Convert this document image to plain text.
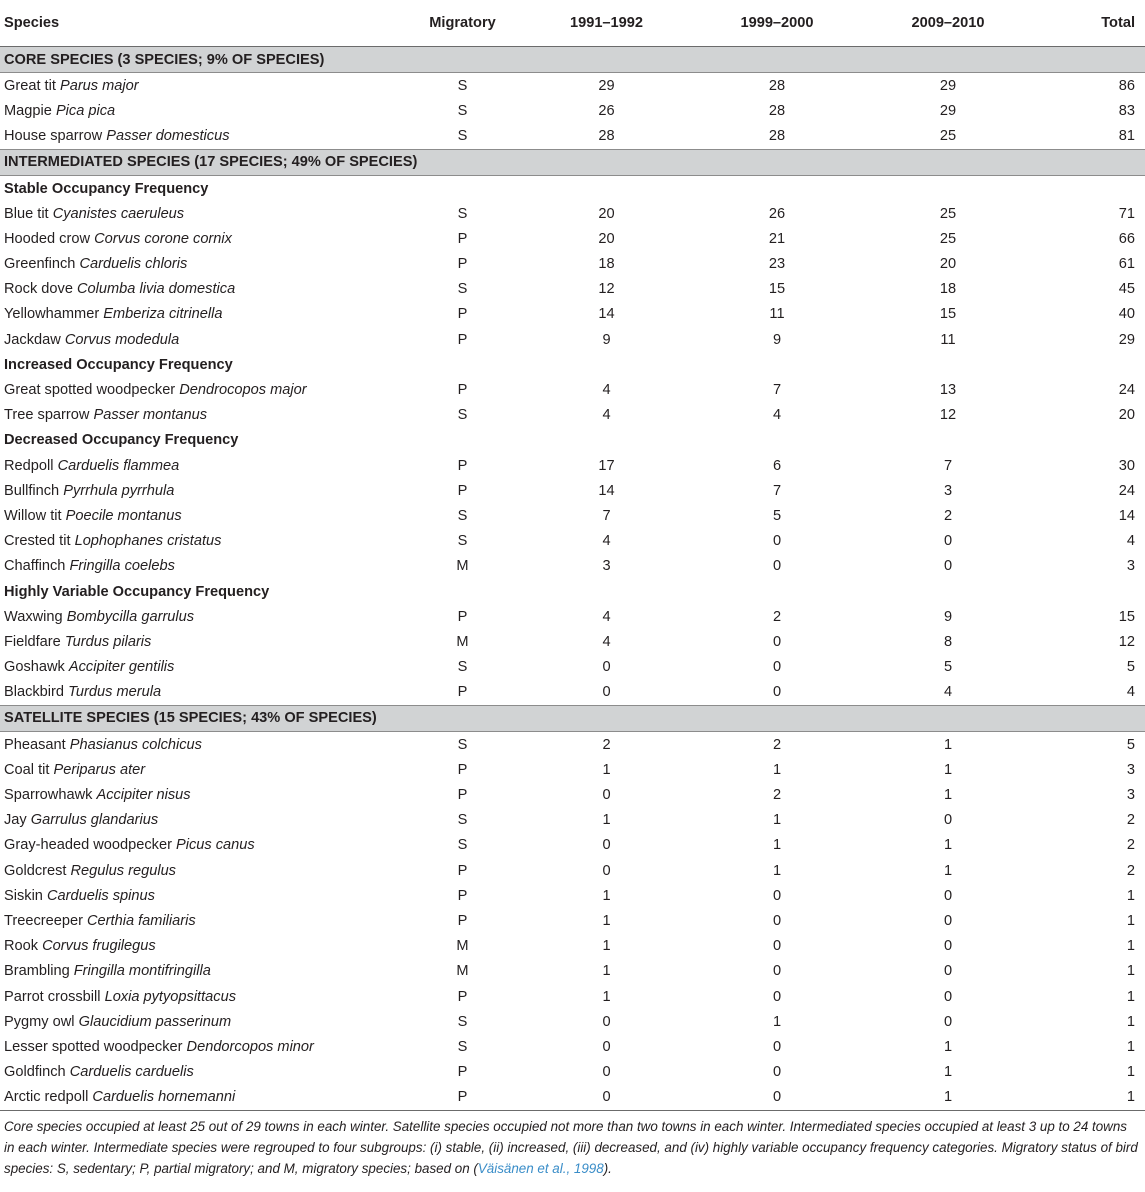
Species	Migratory	1991–1992	1999–2000	2009–2010	Total
CORE SPECIES (3 SPECIES; 9% OF SPECIES)					
Great tit Parus major	S	29	28	29	86
Magpie Pica pica	S	26	28	29	83
House sparrow Passer domesticus	S	28	28	25	81
INTERMEDIATED SPECIES (17 SPECIES; 49% OF SPECIES)					
Stable Occupancy Frequency					
Blue tit Cyanistes caeruleus	S	20	26	25	71
Hooded crow Corvus corone cornix	P	20	21	25	66
Greenfinch Carduelis chloris	P	18	23	20	61
Rock dove Columba livia domestica	S	12	15	18	45
Yellowhammer Emberiza citrinella	P	14	11	15	40
Jackdaw Corvus modedula	P	9	9	11	29
Increased Occupancy Frequency					
Great spotted woodpecker Dendrocopos major	P	4	7	13	24
Tree sparrow Passer montanus	S	4	4	12	20
Decreased Occupancy Frequency					
Redpoll Carduelis flammea	P	17	6	7	30
Bullfinch Pyrrhula pyrrhula	P	14	7	3	24
Willow tit Poecile montanus	S	7	5	2	14
Crested tit Lophophanes cristatus	S	4	0	0	4
Chaffinch Fringilla coelebs	M	3	0	0	3
Highly Variable Occupancy Frequency					
Waxwing Bombycilla garrulus	P	4	2	9	15
Fieldfare Turdus pilaris	M	4	0	8	12
Goshawk Accipiter gentilis	S	0	0	5	5
Blackbird Turdus merula	P	0	0	4	4
SATELLITE SPECIES (15 SPECIES; 43% OF SPECIES)					
Pheasant Phasianus colchicus	S	2	2	1	5
Coal tit Periparus ater	P	1	1	1	3
Sparrowhawk Accipiter nisus	P	0	2	1	3
Jay Garrulus glandarius	S	1	1	0	2
Gray-headed woodpecker Picus canus	S	0	1	1	2
Goldcrest Regulus regulus	P	0	1	1	2
Siskin Carduelis spinus	P	1	0	0	1
Treecreeper Certhia familiaris	P	1	0	0	1
Rook Corvus frugilegus	M	1	0	0	1
Brambling Fringilla montifringilla	M	1	0	0	1
Parrot crossbill Loxia pytyopsittacus	P	1	0	0	1
Pygmy owl Glaucidium passerinum	S	0	1	0	1
Lesser spotted woodpecker Dendorcopos minor	S	0	0	1	1
Goldfinch Carduelis carduelis	P	0	0	1	1
Arctic redpoll Carduelis hornemanni	P	0	0	1	1
Core species occupied at least 25 out of 29 towns in each winter. Satellite species occupied not more than two towns in each winter. Intermediated species occupied at least 3 up to 24 towns in each winter. Intermediate species were regrouped to four subgroups: (i) stable, (ii) increased, (iii) decreased, and (iv) highly variable occupancy frequency categories. Migratory status of bird species: S, sedentary; P, partial migratory; and M, migratory species; based on (Väisänen et al., 1998).
